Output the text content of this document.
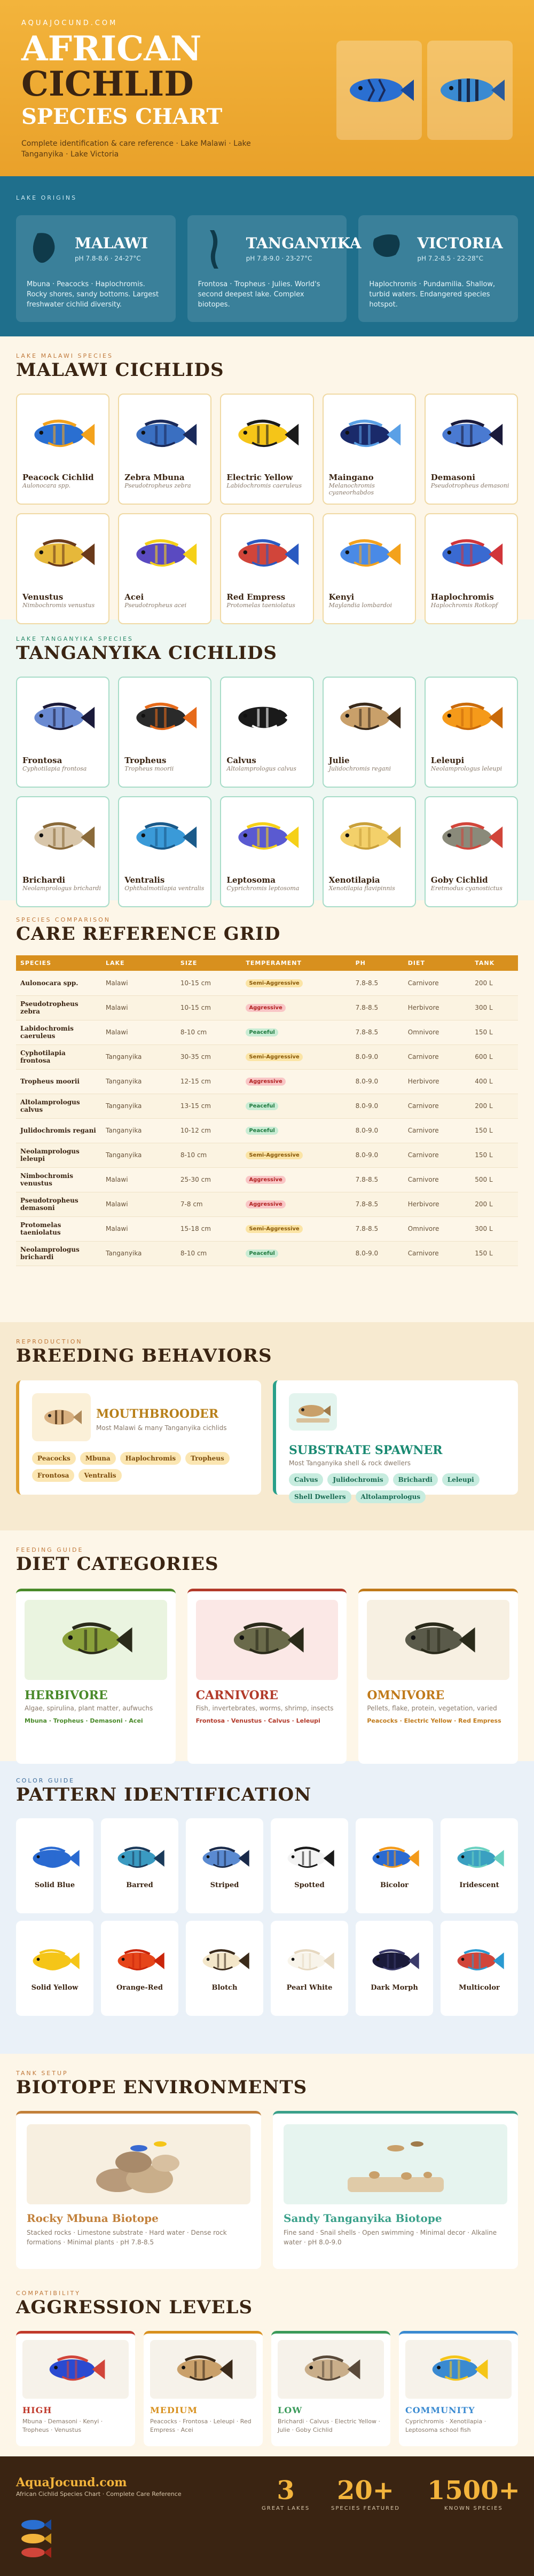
AQUAJOCUND.COM
AFRICAN
CICHLID
SPECIES CHART
Complete identification & care reference · Lake Malawi · Lake Tanganyika · Lake Victoria
LAKE ORIGINS
MALAWI
pH 7.8-8.6 · 24-27°C
Mbuna · Peacocks · Haplochromis. Rocky shores, sandy bottoms. Largest freshwater cichlid diversity.
TANGANYIKA
pH 7.8-9.0 · 23-27°C
Frontosa · Tropheus · Julies. World's second deepest lake. Complex biotopes.
VICTORIA
pH 7.2-8.5 · 22-28°C
Haplochromis · Pundamilia. Shallow, turbid waters. Endangered species hotspot.
LAKE MALAWI SPECIES
MALAWI CICHLIDS
Peacock Cichlid
Aulonocara spp.
Zebra Mbuna
Pseudotropheus zebra
Electric Yellow
Labidochromis caeruleus
Maingano
Melanochromis cyaneorhabdos
Demasoni
Pseudotropheus demasoni
Venustus
Nimbochromis venustus
Acei
Pseudotropheus acei
Red Empress
Protomelas taeniolatus
Kenyi
Maylandia lombardoi
Haplochromis
Haplochromis Rotkopf
LAKE TANGANYIKA SPECIES
TANGANYIKA CICHLIDS
Frontosa
Cyphotilapia frontosa
Tropheus
Tropheus moorii
Calvus
Altolamprologus calvus
Julie
Julidochromis regani
Leleupi
Neolamprologus leleupi
Brichardi
Neolamprologus brichardi
Ventralis
Ophthalmotilapia ventralis
Leptosoma
Cyprichromis leptosoma
Xenotilapia
Xenotilapia flavipinnis
Goby Cichlid
Eretmodus cyanostictus
SPECIES COMPARISON
CARE REFERENCE GRID
SPECIES	LAKE	SIZE	TEMPERAMENT	PH	DIET	TANK
Aulonocara spp.	Malawi	10-15 cm	Semi-Aggressive	7.8-8.5	Carnivore	200 L
Pseudotropheus zebra	Malawi	10-15 cm	Aggressive	7.8-8.5	Herbivore	300 L
Labidochromis caeruleus	Malawi	8-10 cm	Peaceful	7.8-8.5	Omnivore	150 L
Cyphotilapia frontosa	Tanganyika	30-35 cm	Semi-Aggressive	8.0-9.0	Carnivore	600 L
Tropheus moorii	Tanganyika	12-15 cm	Aggressive	8.0-9.0	Herbivore	400 L
Altolamprologus calvus	Tanganyika	13-15 cm	Peaceful	8.0-9.0	Carnivore	200 L
Julidochromis regani	Tanganyika	10-12 cm	Peaceful	8.0-9.0	Carnivore	150 L
Neolamprologus leleupi	Tanganyika	8-10 cm	Semi-Aggressive	8.0-9.0	Carnivore	150 L
Nimbochromis venustus	Malawi	25-30 cm	Aggressive	7.8-8.5	Carnivore	500 L
Pseudotropheus demasoni	Malawi	7-8 cm	Aggressive	7.8-8.5	Herbivore	200 L
Protomelas taeniolatus	Malawi	15-18 cm	Semi-Aggressive	7.8-8.5	Omnivore	300 L
Neolamprologus brichardi	Tanganyika	8-10 cm	Peaceful	8.0-9.0	Carnivore	150 L
REPRODUCTION
BREEDING BEHAVIORS
MOUTHBROODER
Most Malawi & many Tanganyika cichlids
Peacocks	Mbuna	Haplochromis	Tropheus
Frontosa	Ventralis
SUBSTRATE SPAWNER
Most Tanganyika shell & rock dwellers
Calvus	Julidochromis	Brichardi	Leleupi
Shell Dwellers	Altolamprologus
FEEDING GUIDE
DIET CATEGORIES
HERBIVORE
Algae, spirulina, plant matter, aufwuchs
Mbuna · Tropheus · Demasoni · Acei
CARNIVORE
Fish, invertebrates, worms, shrimp, insects
Frontosa · Venustus · Calvus · Leleupi
OMNIVORE
Pellets, flake, protein, vegetation, varied
Peacocks · Electric Yellow · Red Empress
COLOR GUIDE
PATTERN IDENTIFICATION
Solid Blue	Barred	Striped	Spotted	Bicolor	Iridescent
Solid Yellow	Orange-Red	Blotch	Pearl White	Dark Morph	Multicolor
TANK SETUP
BIOTOPE ENVIRONMENTS
Rocky Mbuna Biotope
Stacked rocks · Limestone substrate · Hard water · Dense rock formations · Minimal plants · pH 7.8-8.5
Sandy Tanganyika Biotope
Fine sand · Snail shells · Open swimming · Minimal decor · Alkaline water · pH 8.0-9.0
COMPATIBILITY
AGGRESSION LEVELS
HIGH
Mbuna · Demasoni · Kenyi · Tropheus · Venustus
MEDIUM
Peacocks · Frontosa · Leleupi · Red Empress · Acei
LOW
Brichardi · Calvus · Electric Yellow · Julie · Goby Cichlid
COMMUNITY
Cyprichromis · Xenotilapia · Leptosoma school fish
AquaJocund.com
African Cichlid Species Chart · Complete Care Reference	3
GREAT LAKES
20+
SPECIES FEATURED
1500+
KNOWN SPECIES
